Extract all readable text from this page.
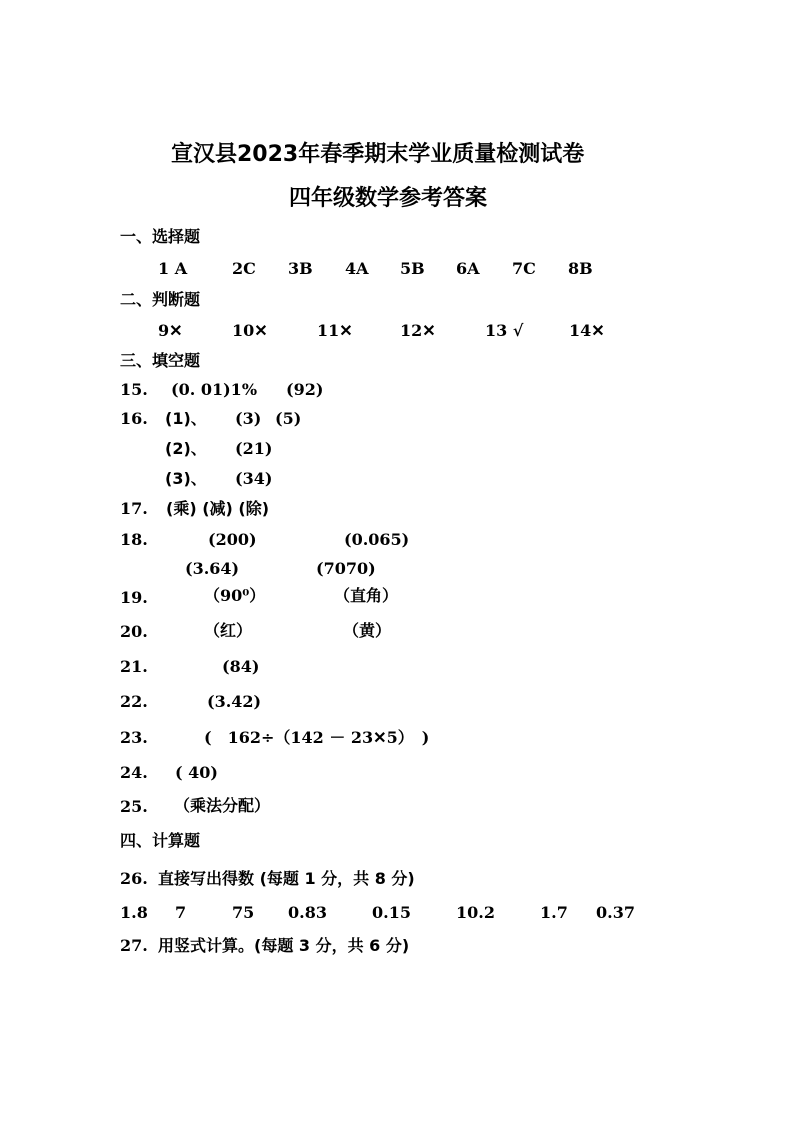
宣汉县2023年春季期末学业质量检测试卷
四年级数学参考答案
一、选择题
1 A	2C 3B 4A 5B 6A 7C 8B
二、判断题
9✕	10✕	11✕	12✕	13 √	14✕
三、填空题
15. (0. 01)1% (92)
16. (1)、 (3) (5)
(2)、 (21)
(3)、 (34)
17. (乘) (减) (除)
18.	(200)	(0.065)
(3.64)	(7070)
19.	（90⁰）	（直角）
20.	（红）	（黄）
21.	(84)
22.	(3.42)
23.	(　162÷（142 － 23✕5）　)
24. ( 40)
25. （乘法分配）
四、计算题
26. 直接写出得数 (每题 1 分，共 8 分)
1.8 7	75 0.83	0.15	10.2	1.7 0.37
27. 用竖式计算。(每题 3 分，共 6 分)
